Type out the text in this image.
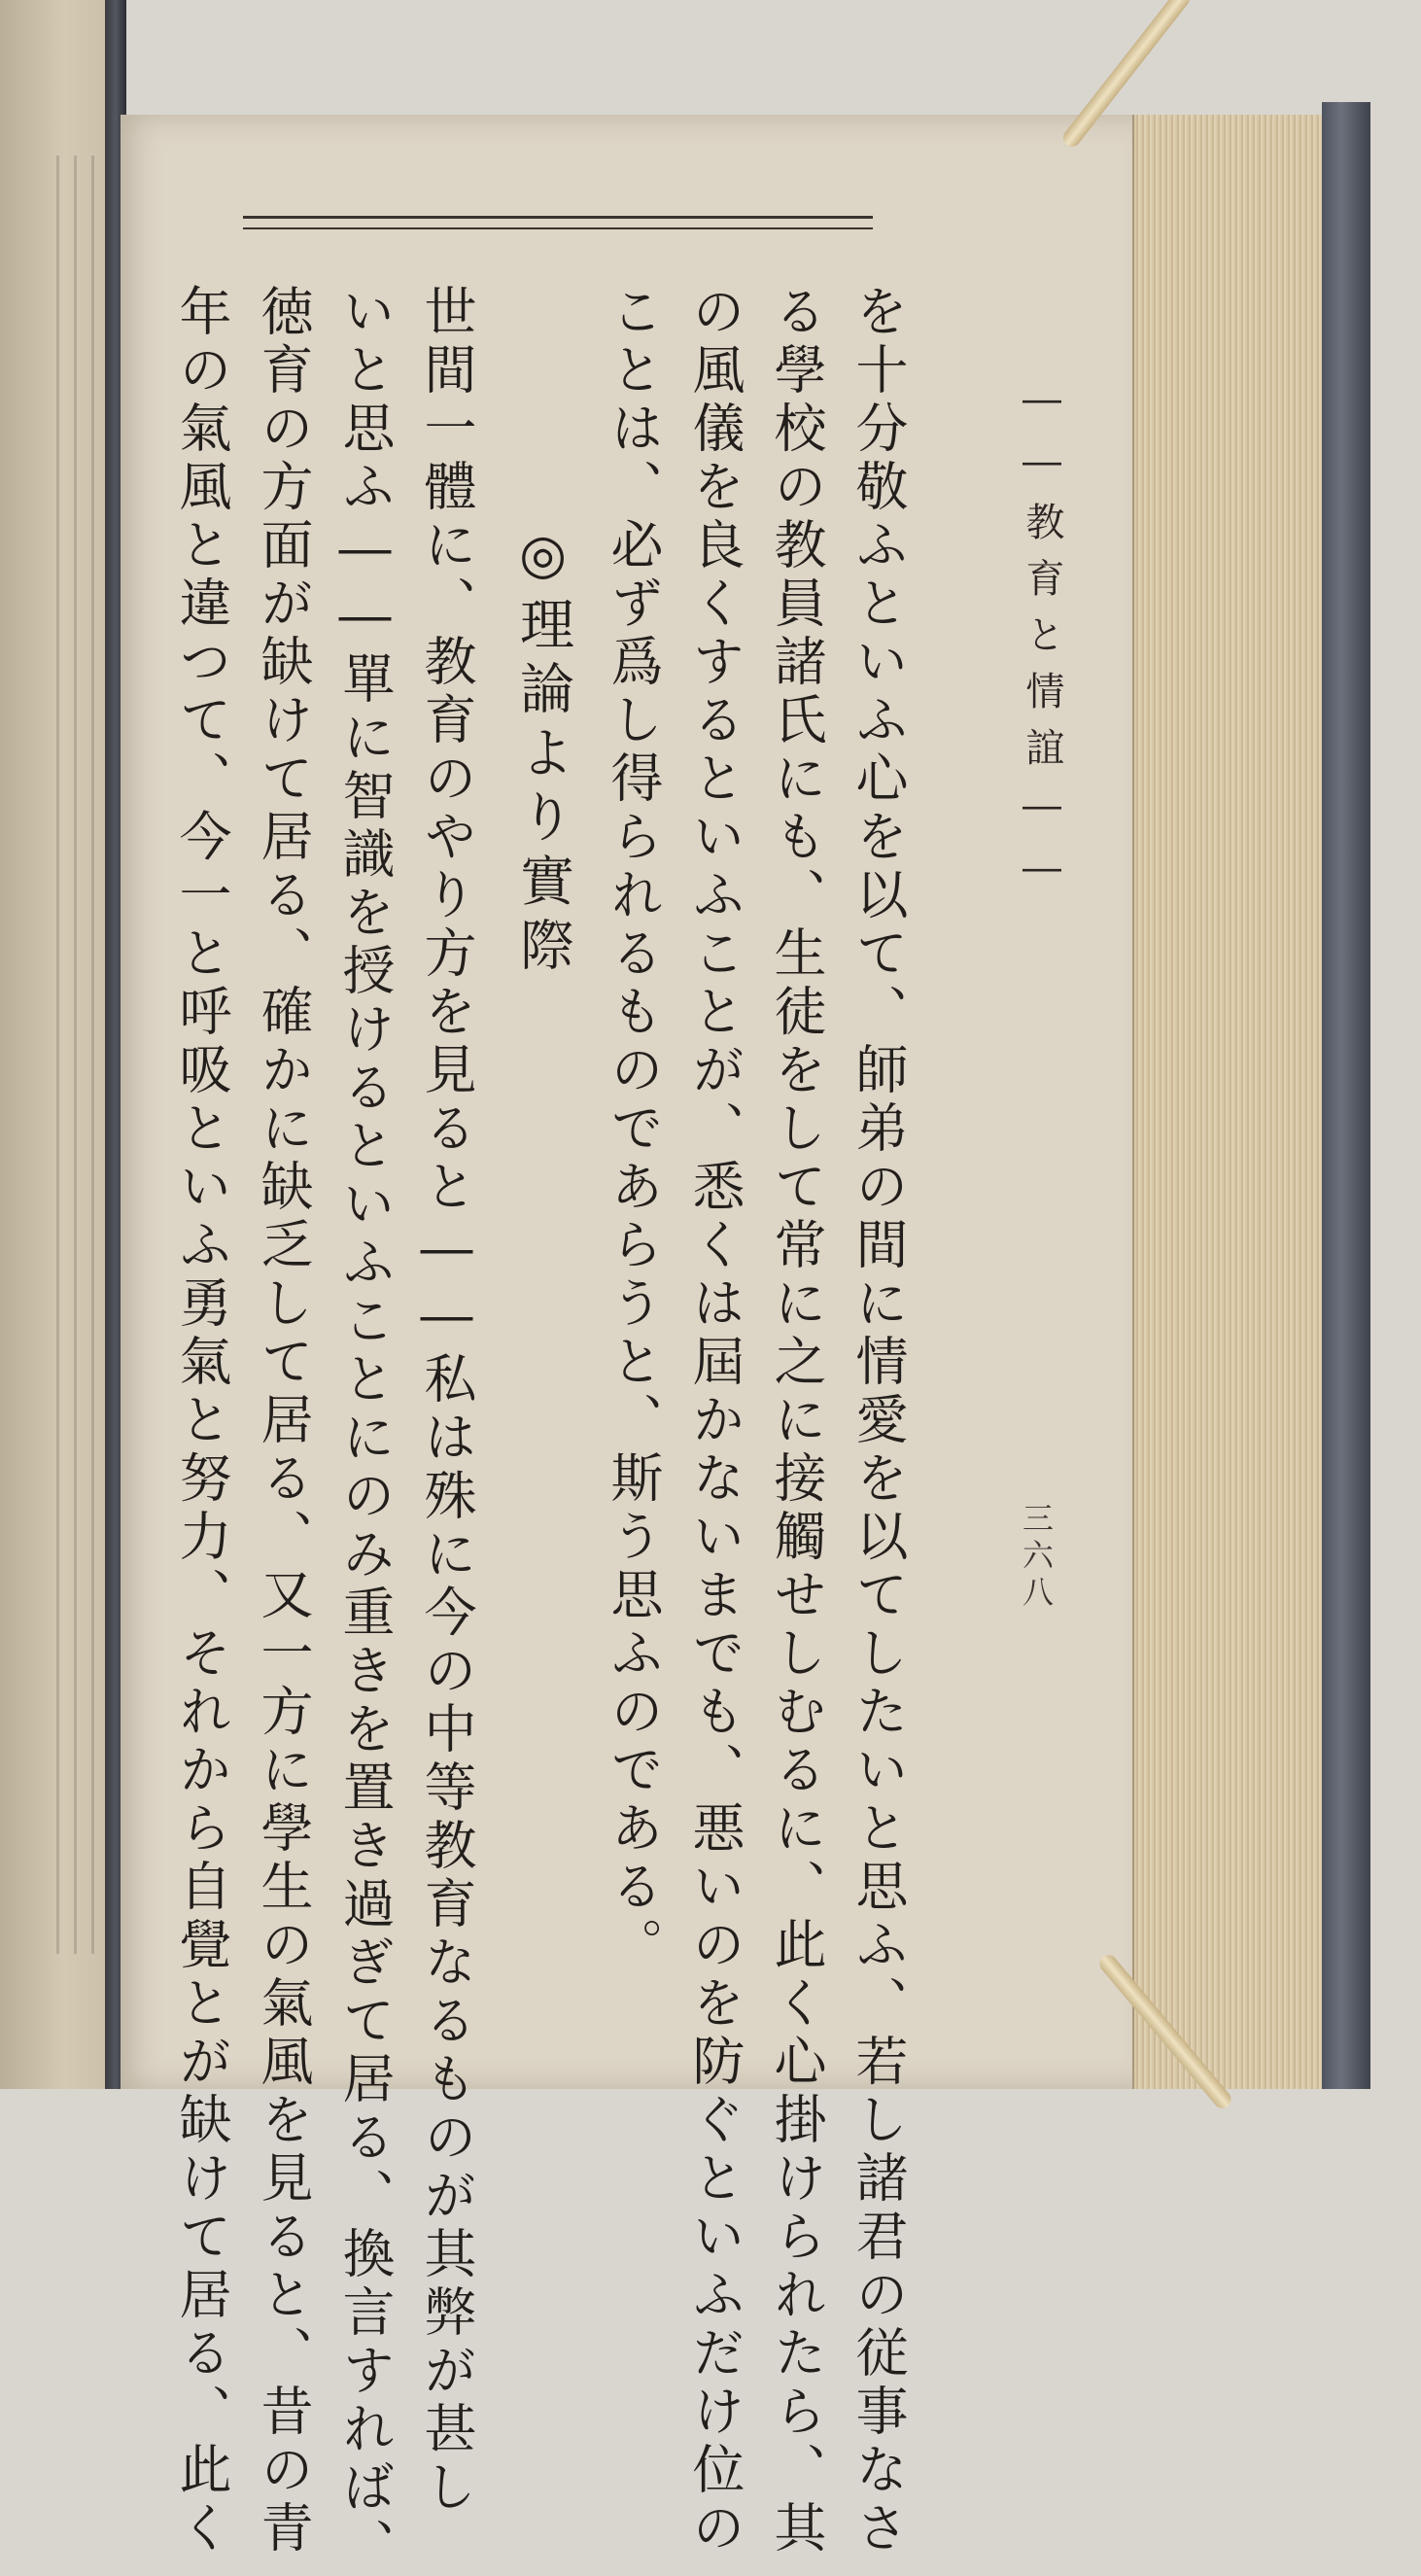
――教育と情誼――
三六八
を十分敬ふといふ心を以て、師弟の間に情愛を以てしたいと思ふ、若し諸君の従事なさ
る學校の教員諸氏にも、生徒をして常に之に接觸せしむるに、此く心掛けられたら、其
の風儀を良くするといふことが、悉くは屆かないまでも、悪いのを防ぐといふだけ位の
ことは、必ず爲し得られるものであらうと、斯う思ふのである。
◎理論より實際
世間一體に、教育のやり方を見ると――私は殊に今の中等教育なるものが其弊が甚し
いと思ふ――單に智識を授けるといふことにのみ重きを置き過ぎて居る、換言すれば、
徳育の方面が缺けて居る、確かに缺乏して居る、又一方に學生の氣風を見ると、昔の青
年の氣風と違つて、今一と呼吸といふ勇氣と努力、それから自覺とが缺けて居る、此く
